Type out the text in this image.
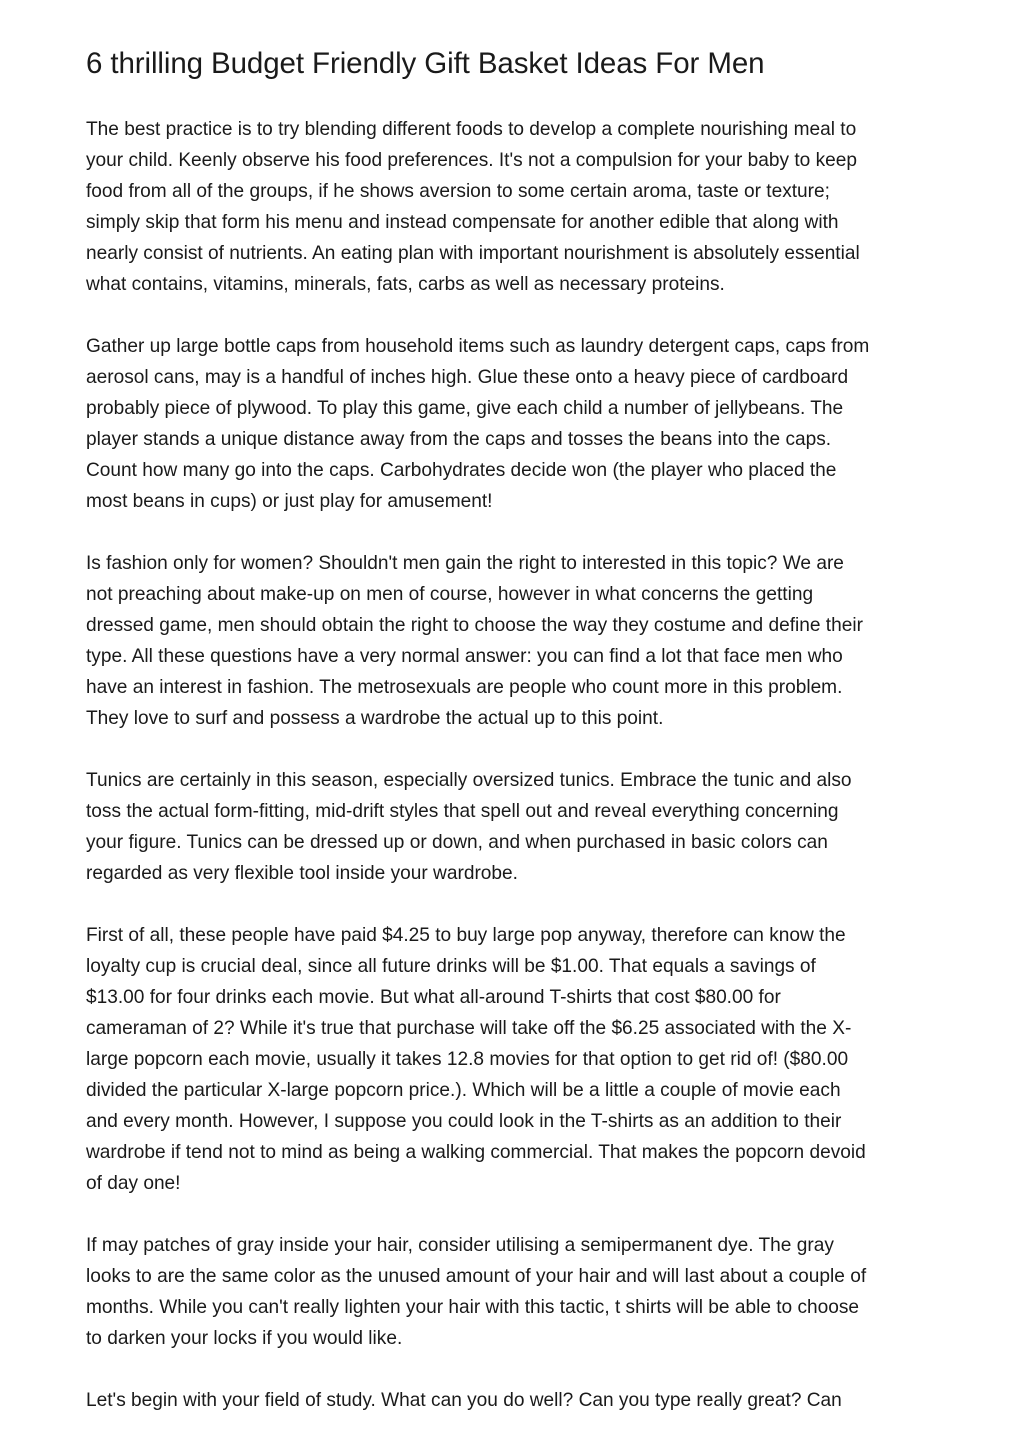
6 thrilling Budget Friendly Gift Basket Ideas For Men

The best practice is to try blending different foods to develop a complete nourishing meal to
your child. Keenly observe his food preferences. It's not a compulsion for your baby to keep
food from all of the groups, if he shows aversion to some certain aroma, taste or texture;
simply skip that form his menu and instead compensate for another edible that along with
nearly consist of nutrients. An eating plan with important nourishment is absolutely essential
what contains, vitamins, minerals, fats, carbs as well as necessary proteins.

Gather up large bottle caps from household items such as laundry detergent caps, caps from
aerosol cans, may is a handful of inches high. Glue these onto a heavy piece of cardboard
probably piece of plywood. To play this game, give each child a number of jellybeans. The
player stands a unique distance away from the caps and tosses the beans into the caps.
Count how many go into the caps. Carbohydrates decide won (the player who placed the
most beans in cups) or just play for amusement!

Is fashion only for women? Shouldn't men gain the right to interested in this topic? We are
not preaching about make-up on men of course, however in what concerns the getting
dressed game, men should obtain the right to choose the way they costume and define their
type. All these questions have a very normal answer: you can find a lot that face men who
have an interest in fashion. The metrosexuals are people who count more in this problem.
They love to surf and possess a wardrobe the actual up to this point.

Tunics are certainly in this season, especially oversized tunics. Embrace the tunic and also
toss the actual form-fitting, mid-drift styles that spell out and reveal everything concerning
your figure. Tunics can be dressed up or down, and when purchased in basic colors can
regarded as very flexible tool inside your wardrobe.

First of all, these people have paid $4.25 to buy large pop anyway, therefore can know the
loyalty cup is crucial deal, since all future drinks will be $1.00. That equals a savings of
$13.00 for four drinks each movie. But what all-around T-shirts that cost $80.00 for
cameraman of 2? While it's true that purchase will take off the $6.25 associated with the X-
large popcorn each movie, usually it takes 12.8 movies for that option to get rid of! ($80.00
divided the particular X-large popcorn price.). Which will be a little a couple of movie each
and every month. However, I suppose you could look in the T-shirts as an addition to their
wardrobe if tend not to mind as being a walking commercial. That makes the popcorn devoid
of day one!

If may patches of gray inside your hair, consider utilising a semipermanent dye. The gray
looks to are the same color as the unused amount of your hair and will last about a couple of
months. While you can't really lighten your hair with this tactic, t shirts will be able to choose
to darken your locks if you would like.

Let's begin with your field of study. What can you do well? Can you type really great? Can
